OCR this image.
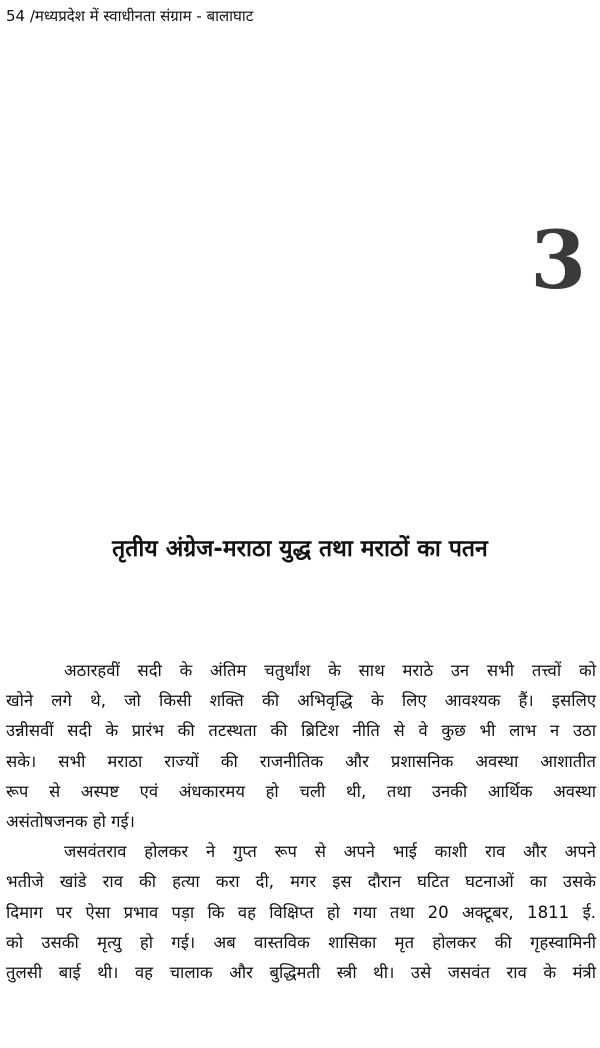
54 /मध्यप्रदेश में स्वाधीनता संग्राम - बालाघाट
3
तृतीय अंग्रेज-मराठा युद्ध तथा मराठों का पतन
अठारहवीं सदी के अंतिम चतुर्थांश के साथ मराठे उन सभी तत्त्वों को
खोने लगे थे, जो किसी शक्ति की अभिवृद्धि के लिए आवश्यक हैं। इसलिए
उन्नीसवीं सदी के प्रारंभ की तटस्थता की ब्रिटिश नीति से वे कुछ भी लाभ न उठा
सके। सभी मराठा राज्यों की राजनीतिक और प्रशासनिक अवस्था आशातीत
रूप से अस्पष्ट एवं अंधकारमय हो चली थी, तथा उनकी आर्थिक अवस्था
असंतोषजनक हो गई।
जसवंतराव होलकर ने गुप्त रूप से अपने भाई काशी राव और अपने
भतीजे खांडे राव की हत्या करा दी, मगर इस दौरान घटित घटनाओं का उसके
दिमाग पर ऐसा प्रभाव पड़ा कि वह विक्षिप्त हो गया तथा 20 अक्टूबर, 1811 ई.
को उसकी मृत्यु हो गई। अब वास्तविक शासिका मृत होलकर की गृहस्वामिनी
तुलसी बाई थी। वह चालाक और बुद्धिमती स्त्री थी। उसे जसवंत राव के मंत्री
